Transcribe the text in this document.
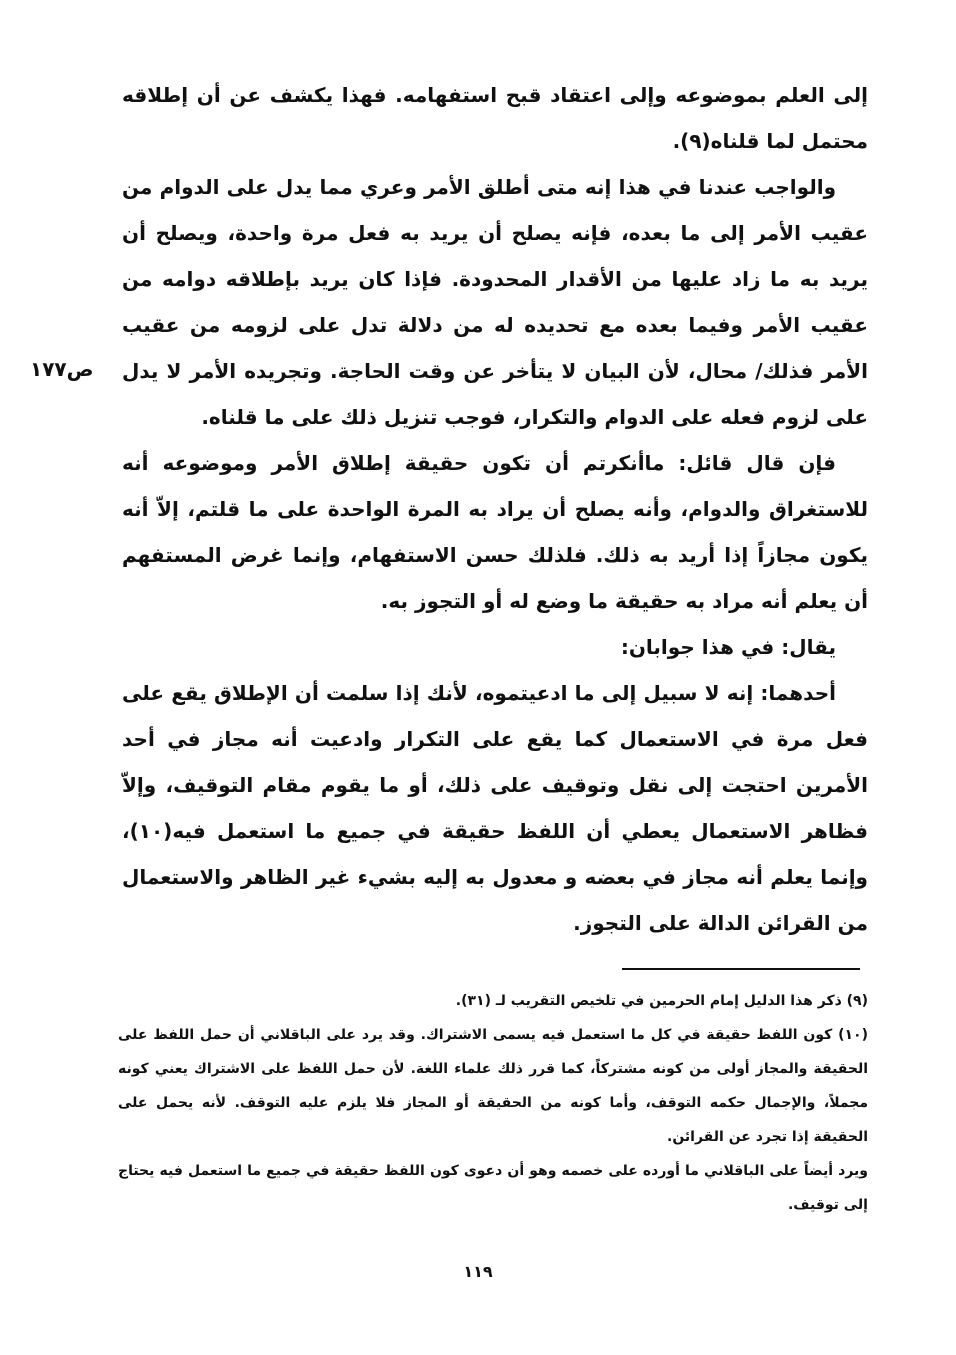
إلى العلم بموضوعه وإلى اعتقاد قبح استفهامه. فهذا يكشف عن أن إطلاقه محتمل لما قلناه(٩).

والواجب عندنا في هذا إنه متى أطلق الأمر وعري مما يدل على الدوام من عقيب الأمر إلى ما بعده، فإنه يصلح أن يريد به فعل مرة واحدة، ويصلح أن يريد به ما زاد عليها من الأقدار المحدودة. فإذا كان يريد بإطلاقه دوامه من عقيب الأمر وفيما بعده مع تحديده له من دلالة تدل على لزومه من عقيب الأمر فذلك/ محال، لأن البيان لا يتأخر عن وقت الحاجة. وتجريده الأمر لا يدل على لزوم فعله على الدوام والتكرار، فوجب تنزيل ذلك على ما قلناه.

فإن قال قائل: ماأنكرتم أن تكون حقيقة إطلاق الأمر وموضوعه أنه للاستغراق والدوام، وأنه يصلح أن يراد به المرة الواحدة على ما قلتم، إلاّ أنه يكون مجازاً إذا أريد به ذلك. فلذلك حسن الاستفهام، وإنما غرض المستفهم أن يعلم أنه مراد به حقيقة ما وضع له أو التجوز به.

يقال: في هذا جوابان:

أحدهما: إنه لا سبيل إلى ما ادعيتموه، لأنك إذا سلمت أن الإطلاق يقع على فعل مرة في الاستعمال كما يقع على التكرار وادعيت أنه مجاز في أحد الأمرين احتجت إلى نقل وتوقيف على ذلك، أو ما يقوم مقام التوقيف، وإلاّ فظاهر الاستعمال يعطي أن اللفظ حقيقة في جميع ما استعمل فيه(١٠)، وإنما يعلم أنه مجاز في بعضه و معدول به إليه بشيء غير الظاهر والاستعمال من القرائن الدالة على التجوز.

ص١٧٧

(٩) ذكر هذا الدليل إمام الحرمين في تلخيص التقريب لـ (٣١).

(١٠) كون اللفظ حقيقة في كل ما استعمل فيه يسمى الاشتراك. وقد يرد على الباقلاني أن حمل اللفظ على الحقيقة والمجاز أولى من كونه مشتركاً، كما قرر ذلك علماء اللغة. لأن حمل اللفظ على الاشتراك يعني كونه مجملاً، والإجمال حكمه التوقف، وأما كونه من الحقيقة أو المجاز فلا يلزم عليه التوقف. لأنه يحمل على الحقيقة إذا تجرد عن القرائن.

ويرد أيضاً على الباقلاني ما أورده على خصمه وهو أن دعوى كون اللفظ حقيقة في جميع ما استعمل فيه يحتاج إلى توقيف.

١١٩
